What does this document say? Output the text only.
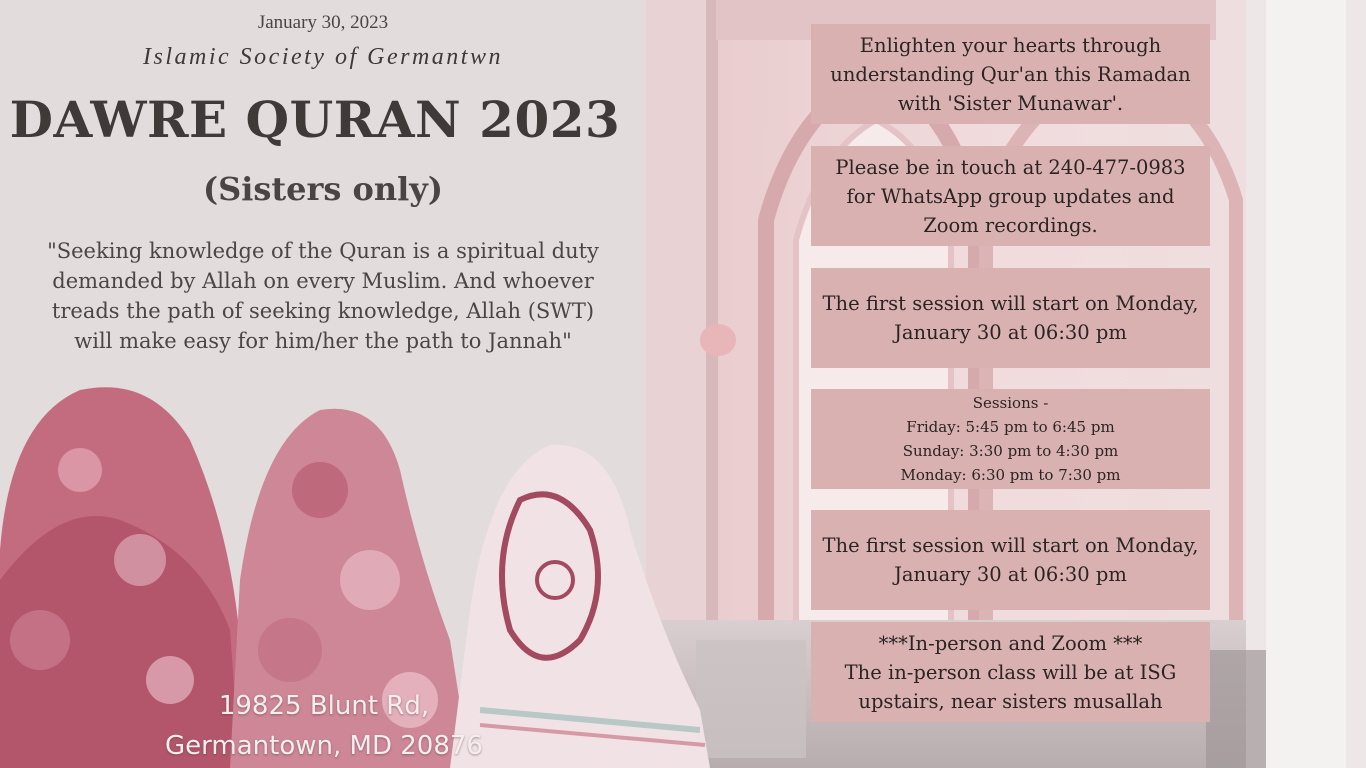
January 30, 2023
Islamic Society of Germantwn
DAWRE QURAN 2023
(Sisters only)
"Seeking knowledge of the Quran is a spiritual duty
demanded by Allah on every Muslim. And whoever
treads the path of seeking knowledge, Allah (SWT)
will make easy for him/her the path to Jannah"
19825 Blunt Rd,
Germantown, MD 20876
Enlighten your hearts through
understanding Qur'an this Ramadan
with 'Sister Munawar'.
Please be in touch at 240-477-0983
for WhatsApp group updates and
Zoom recordings.
The first session will start on Monday,
January 30 at 06:30 pm
Sessions -
Friday: 5:45 pm to 6:45 pm
Sunday: 3:30 pm to 4:30 pm
Monday: 6:30 pm to 7:30 pm
The first session will start on Monday,
January 30 at 06:30 pm
***In-person and Zoom ***
The in-person class will be at ISG
upstairs, near sisters musallah
